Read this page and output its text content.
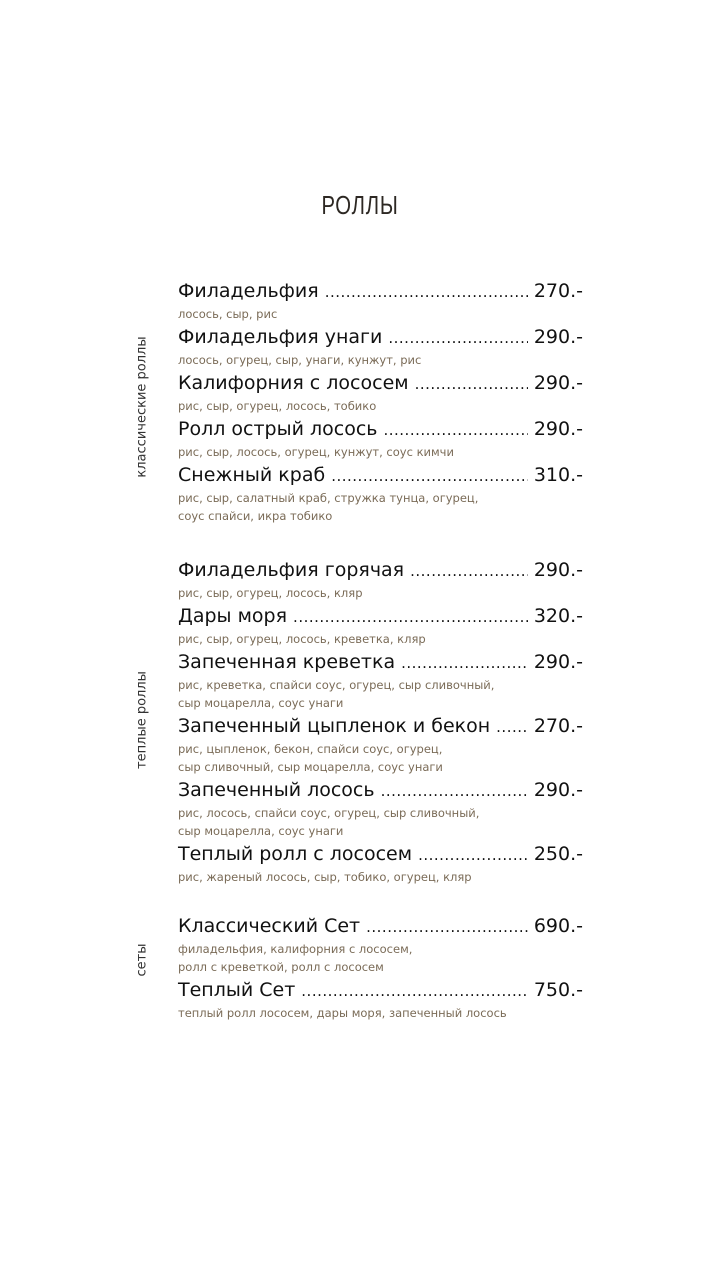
РОЛЛЫ
классические роллы
Филадельфия .....	270.-
лосось, сыр, рис
Филадельфия унаги .....	290.-
лосось, огурец, сыр, унаги, кунжут, рис
Калифорния с лососем .....	290.-
рис, сыр, огурец, лосось, тобико
Ролл острый лосось .....	290.-
рис, сыр, лосось, огурец, кунжут, соус кимчи
Снежный краб .....	310.-
рис, сыр, салатный краб, стружка тунца, огурец,
соус спайси, икра тобико
теплые роллы
Филадельфия горячая .....	290.-
рис, сыр, огурец, лосось, кляр
Дары моря .....	320.-
рис, сыр, огурец, лосось, креветка, кляр
Запеченная креветка .....	290.-
рис, креветка, спайси соус, огурец, сыр сливочный,
сыр моцарелла, соус унаги
Запеченный цыпленок и бекон ..... 270.-
рис, цыпленок, бекон, спайси соус, огурец,
сыр сливочный, сыр моцарелла, соус унаги
Запеченный лосось .....	290.-
рис, лосось, спайси соус, огурец, сыр сливочный,
сыр моцарелла, соус унаги
Теплый ролл с лососем .....	250.-
рис, жареный лосось, сыр, тобико, огурец, кляр
сеты
Классический Сет .....	690.-
филадельфия, калифорния с лососем,
ролл с креветкой, ролл с лососем
Теплый Сет .....	750.-
теплый ролл лососем, дары моря, запеченный лосось
